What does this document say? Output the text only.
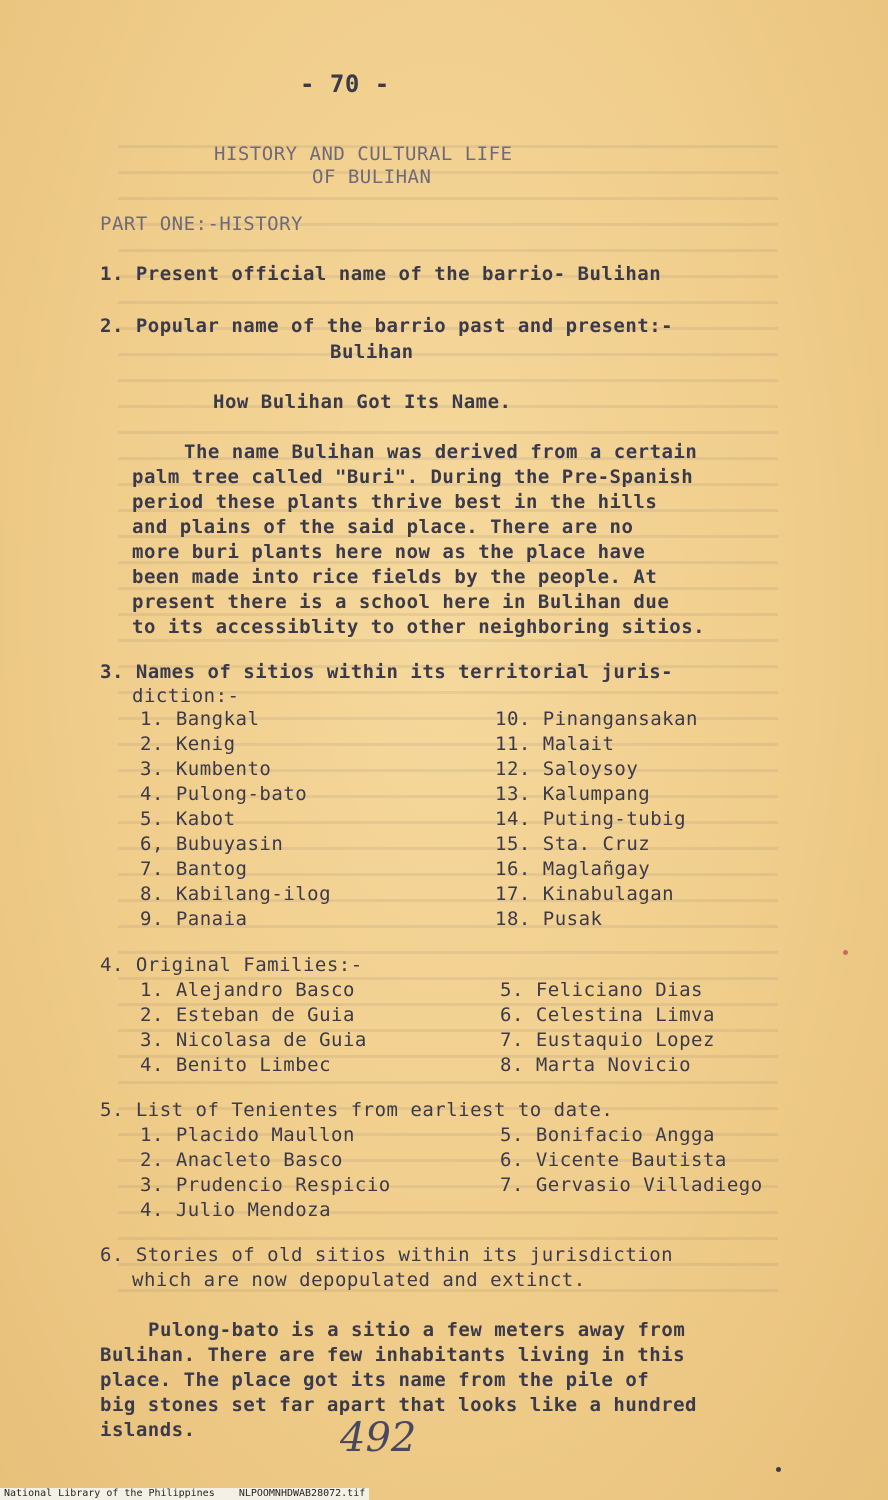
- 70 -
HISTORY AND CULTURAL LIFE
OF BULIHAN
PART ONE:-HISTORY
1. Present official name of the barrio- Bulihan
2. Popular name of the barrio past and present:-
Bulihan
How Bulihan Got Its Name.
The name Bulihan was derived from a certain
palm tree called "Buri". During the Pre-Spanish
period these plants thrive best in the hills
and plains of the said place. There are no
more buri plants here now as the place have
been made into rice fields by the people. At
present there is a school here in Bulihan due
to its accessiblity to other neighboring sitios.
3. Names of sitios within its territorial juris-
diction:-
1. Bangkal
2. Kenig
3. Kumbento
4. Pulong-bato
5. Kabot
6, Bubuyasin
7. Bantog
8. Kabilang-ilog
9. Panaia
10. Pinangansakan
11. Malait
12. Saloysoy
13. Kalumpang
14. Puting-tubig
15. Sta. Cruz
16. Maglañgay
17. Kinabulagan
18. Pusak
4. Original Families:-
1. Alejandro Basco
2. Esteban de Guia
3. Nicolasa de Guia
4. Benito Limbec
5. Feliciano Dias
6. Celestina Limva
7. Eustaquio Lopez
8. Marta Novicio
5. List of Tenientes from earliest to date.
1. Placido Maullon
2. Anacleto Basco
3. Prudencio Respicio
4. Julio Mendoza
5. Bonifacio Angga
6. Vicente Bautista
7. Gervasio Villadiego
6. Stories of old sitios within its jurisdiction
which are now depopulated and extinct.
Pulong-bato is a sitio a few meters away from
Bulihan. There are few inhabitants living in this
place. The place got its name from the pile of
big stones set far apart that looks like a hundred
islands.	492
National Library of the Philippines NLPOOMNHDWAB28072.tif
